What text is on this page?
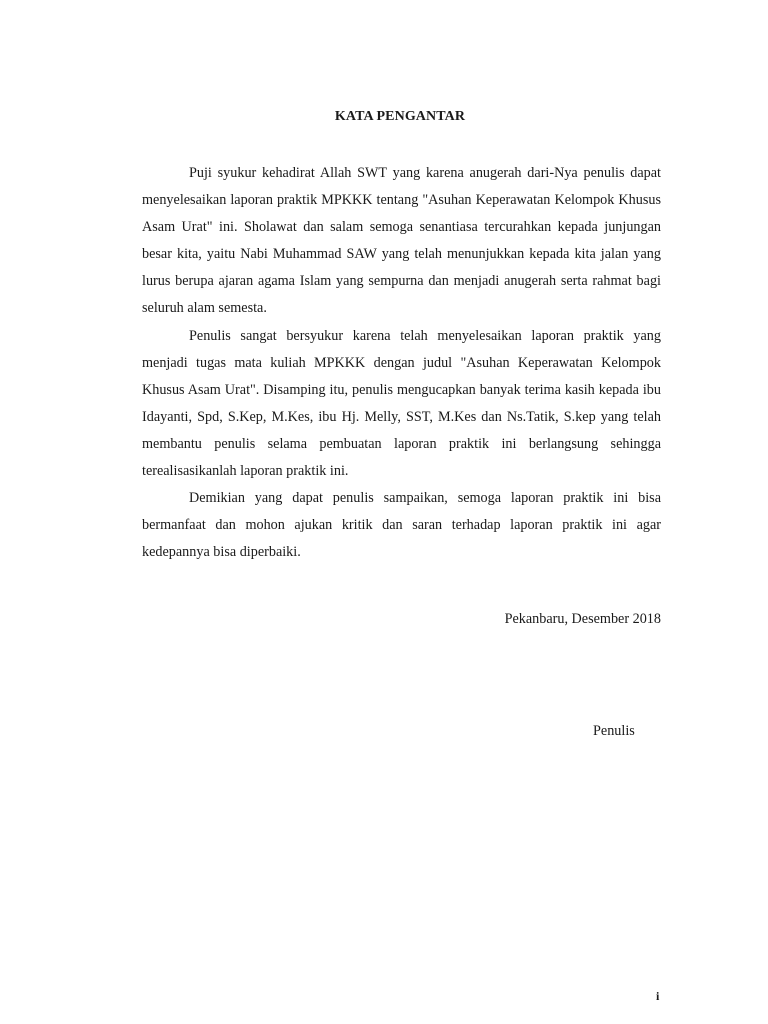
KATA PENGANTAR

Puji syukur kehadirat Allah SWT yang karena anugerah dari-Nya penulis dapat menyelesaikan laporan praktik MPKKK tentang "Asuhan Keperawatan Kelompok Khusus Asam Urat" ini. Sholawat dan salam semoga senantiasa tercurahkan kepada junjungan besar kita, yaitu Nabi Muhammad SAW yang telah menunjukkan kepada kita jalan yang lurus berupa ajaran agama Islam yang sempurna dan menjadi anugerah serta rahmat bagi seluruh alam semesta.

Penulis sangat bersyukur karena telah menyelesaikan laporan praktik yang menjadi tugas mata kuliah MPKKK dengan judul "Asuhan Keperawatan Kelompok Khusus Asam Urat". Disamping itu, penulis mengucapkan banyak terima kasih kepada ibu Idayanti, Spd, S.Kep, M.Kes, ibu Hj. Melly, SST, M.Kes dan Ns.Tatik, S.kep yang telah membantu penulis selama pembuatan laporan praktik ini berlangsung sehingga terealisasikanlah laporan praktik ini.

Demikian yang dapat penulis sampaikan, semoga laporan praktik ini bisa bermanfaat dan mohon ajukan kritik dan saran terhadap laporan praktik ini agar kedepannya bisa diperbaiki.

Pekanbaru, Desember 2018
Penulis
i
